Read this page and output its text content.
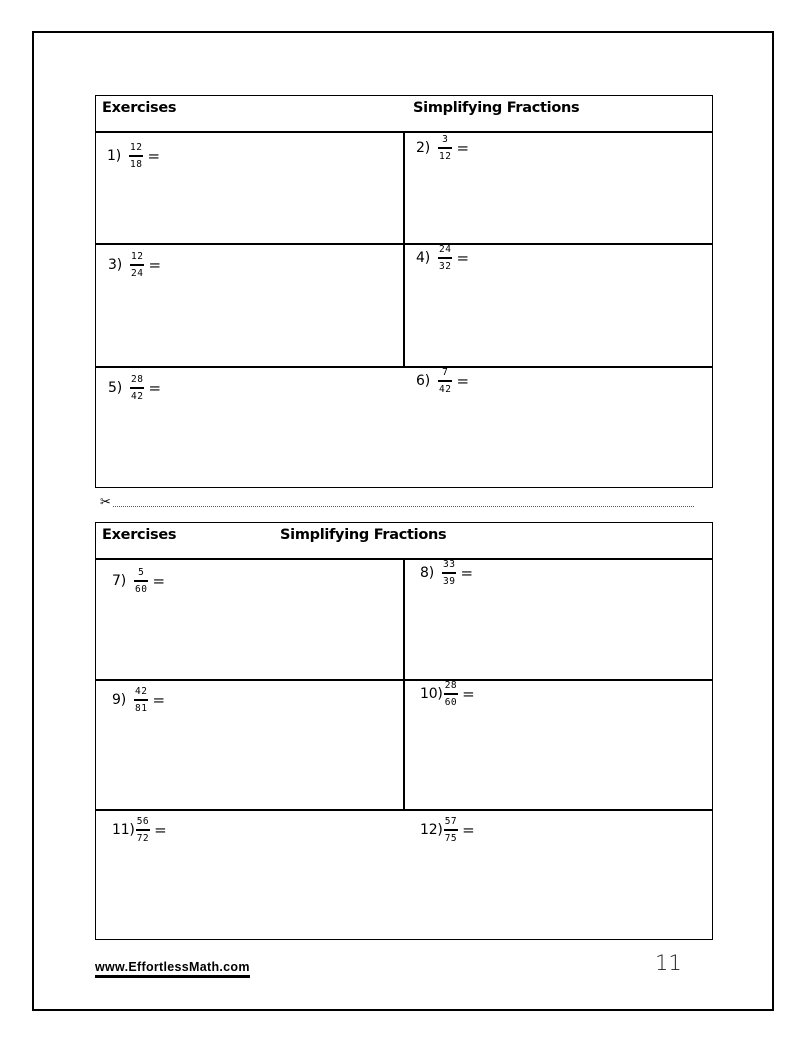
Exercises	Simplifying Fractions
$1) \frac{12}{18}$ =	$2) \frac{3}{12}$ =
$3) \frac{12}{24}$ =	$4) \frac{24}{32}$ =
$5) \frac{28}{42}$ =	$6) \frac{7}{42}$ =
✂
Exercises	Simplifying Fractions
$7) \frac{5}{60}$ =	$8) \frac{33}{39}$ =
$9) \frac{42}{81}$ =	$10) \frac{28}{60}$ =
$11) \frac{56}{72}$ =	$12) \frac{57}{75}$ =
www.EffortlessMath.com	11
